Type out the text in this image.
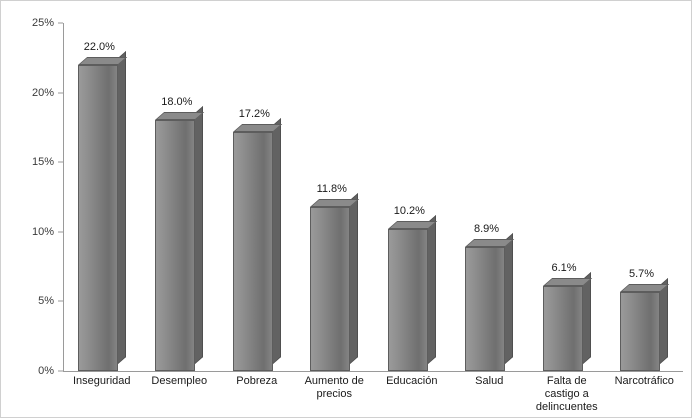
0%
5%
10%
15%
20%
25%
22.0%
18.0%
17.2%
11.8%
10.2%
8.9%
6.1%	5.7%
Inseguridad	Desempleo	Pobreza	Aumento de precios
Educación	Salud	Falta de castigo a delincuentes
Narcotráfico
